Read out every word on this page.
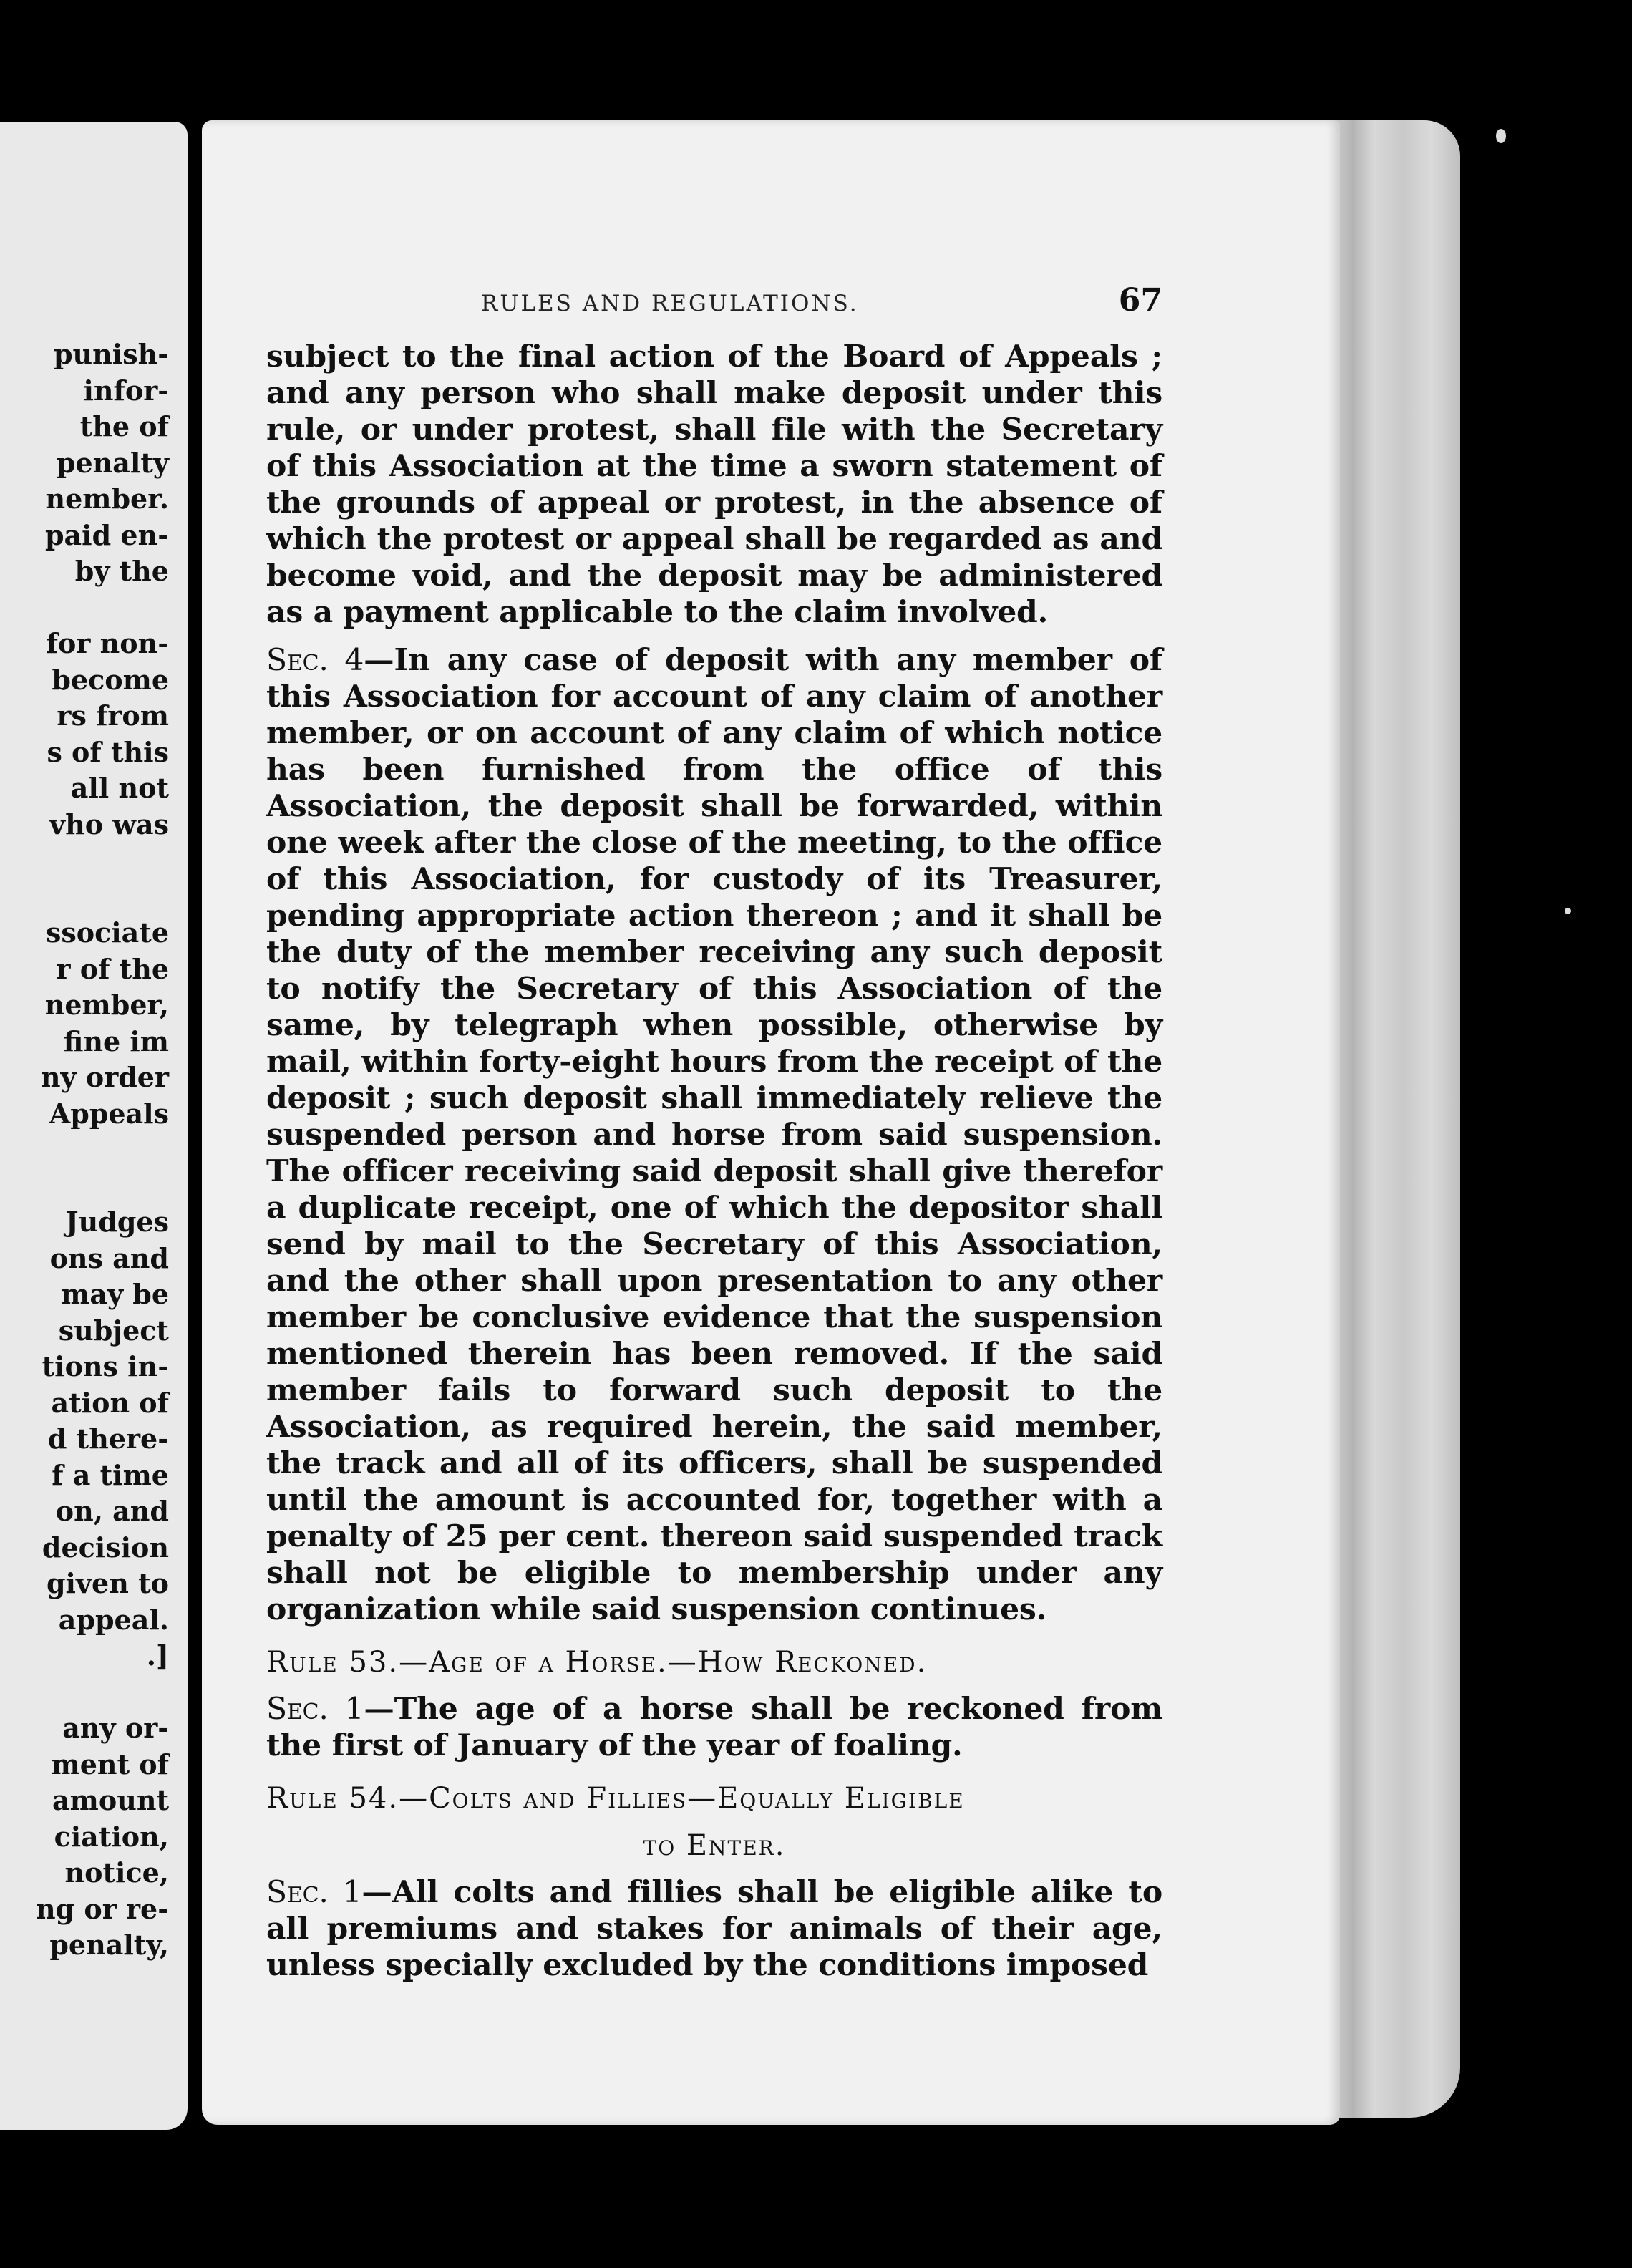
punish-
infor-
the of
penalty
nember.
paid en-
by the

for non-
become
rs from
s of this
all not
vho was

ssociate
r of the
nember,
fine im
ny order
Appeals

Judges
ons and
may be
subject
tions in-
ation of
d there-
f a time
on, and
decision
given to
appeal.
.]

any or-
ment of
amount
ciation,
notice,
ng or re-
penalty,
RULES AND REGULATIONS.	67

subject to the final action of the Board of Appeals ; and any person who shall make deposit under this rule, or under protest, shall file with the Secretary of this Association at the time a sworn statement of the grounds of appeal or protest, in the absence of which the protest or appeal shall be regarded as and become void, and the deposit may be administered as a payment applicable to the claim involved.

Sec. 4—In any case of deposit with any member of this Association for account of any claim of another member, or on account of any claim of which notice has been furnished from the office of this Association, the deposit shall be forwarded, within one week after the close of the meeting, to the office of this Association, for custody of its Treasurer, pending appropriate action thereon ; and it shall be the duty of the member receiving any such deposit to notify the Secretary of this Association of the same, by telegraph when possible, otherwise by mail, within forty-eight hours from the receipt of the deposit ; such deposit shall immediately relieve the suspended person and horse from said suspension. The officer receiving said deposit shall give therefor a duplicate receipt, one of which the depositor shall send by mail to the Secretary of this Association, and the other shall upon presentation to any other member be conclusive evidence that the suspension mentioned therein has been removed. If the said member fails to forward such deposit to the Association, as required herein, the said member, the track and all of its officers, shall be suspended until the amount is accounted for, together with a penalty of 25 per cent. thereon said suspended track shall not be eligible to membership under any organization while said suspension continues.

Rule 53.—Age of a Horse.—How Reckoned.

Sec. 1—The age of a horse shall be reckoned from the first of January of the year of foaling.

Rule 54.—Colts and Fillies—Equally Eligible
to Enter.

Sec. 1—All colts and fillies shall be eligible alike to all premiums and stakes for animals of their age, unless specially excluded by the conditions imposed
